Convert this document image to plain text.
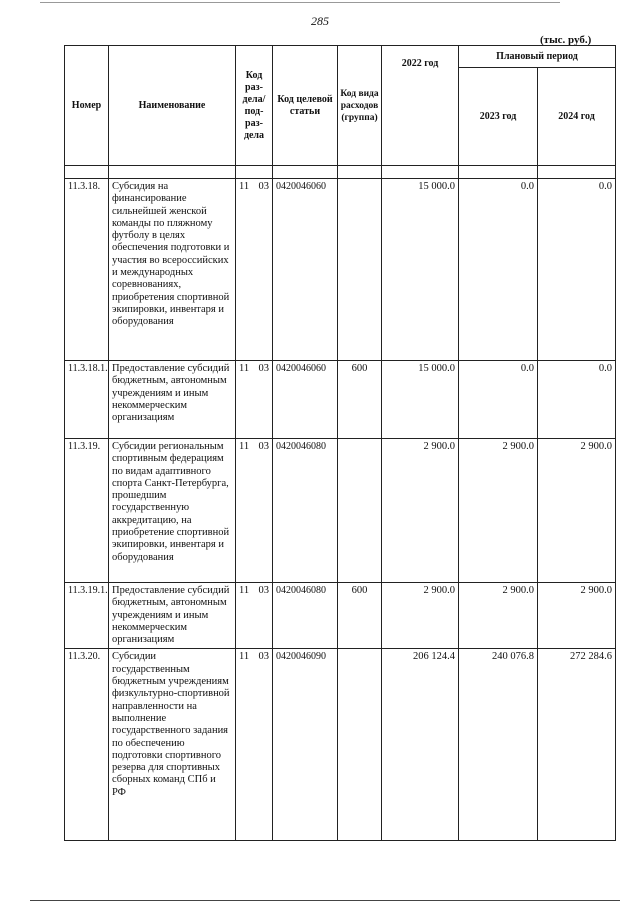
285
(тыс. руб.)
Номер	Наименование	Код раз-дела/ под-раз-дела	Код целевой статьи	Код вида расходов (группа)	2022 год	Плановый период	
						2023 год	2024 год

11.3.18.	Субсидия на финансирование сильнейшей женской команды по пляжному футболу в целях обеспечения подготовки и участия во всероссийских и международных соревнованиях, приобретения спортивной экипировки, инвентаря и оборудования	11 03	0420046060		15 000.0	0.0	0.0
11.3.18.1.	Предоставление субсидий бюджетным, автономным учреждениям и иным некоммерческим организациям	11 03	0420046060	600	15 000.0	0.0	0.0
11.3.19.	Субсидии региональным спортивным федерациям по видам адаптивного спорта Санкт-Петербурга, прошедшим государственную аккредитацию, на приобретение спортивной экипировки, инвентаря и оборудования	11 03	0420046080		2 900.0	2 900.0	2 900.0
11.3.19.1.	Предоставление субсидий бюджетным, автономным учреждениям и иным некоммерческим организациям	11 03	0420046080	600	2 900.0	2 900.0	2 900.0
11.3.20.	Субсидии государственным бюджетным учреждениям физкультурно-спортивной направленности на выполнение государственного задания по обеспечению подготовки спортивного резерва для спортивных сборных команд СПб и РФ	11 03	0420046090		206 124.4	240 076.8	272 284.6
